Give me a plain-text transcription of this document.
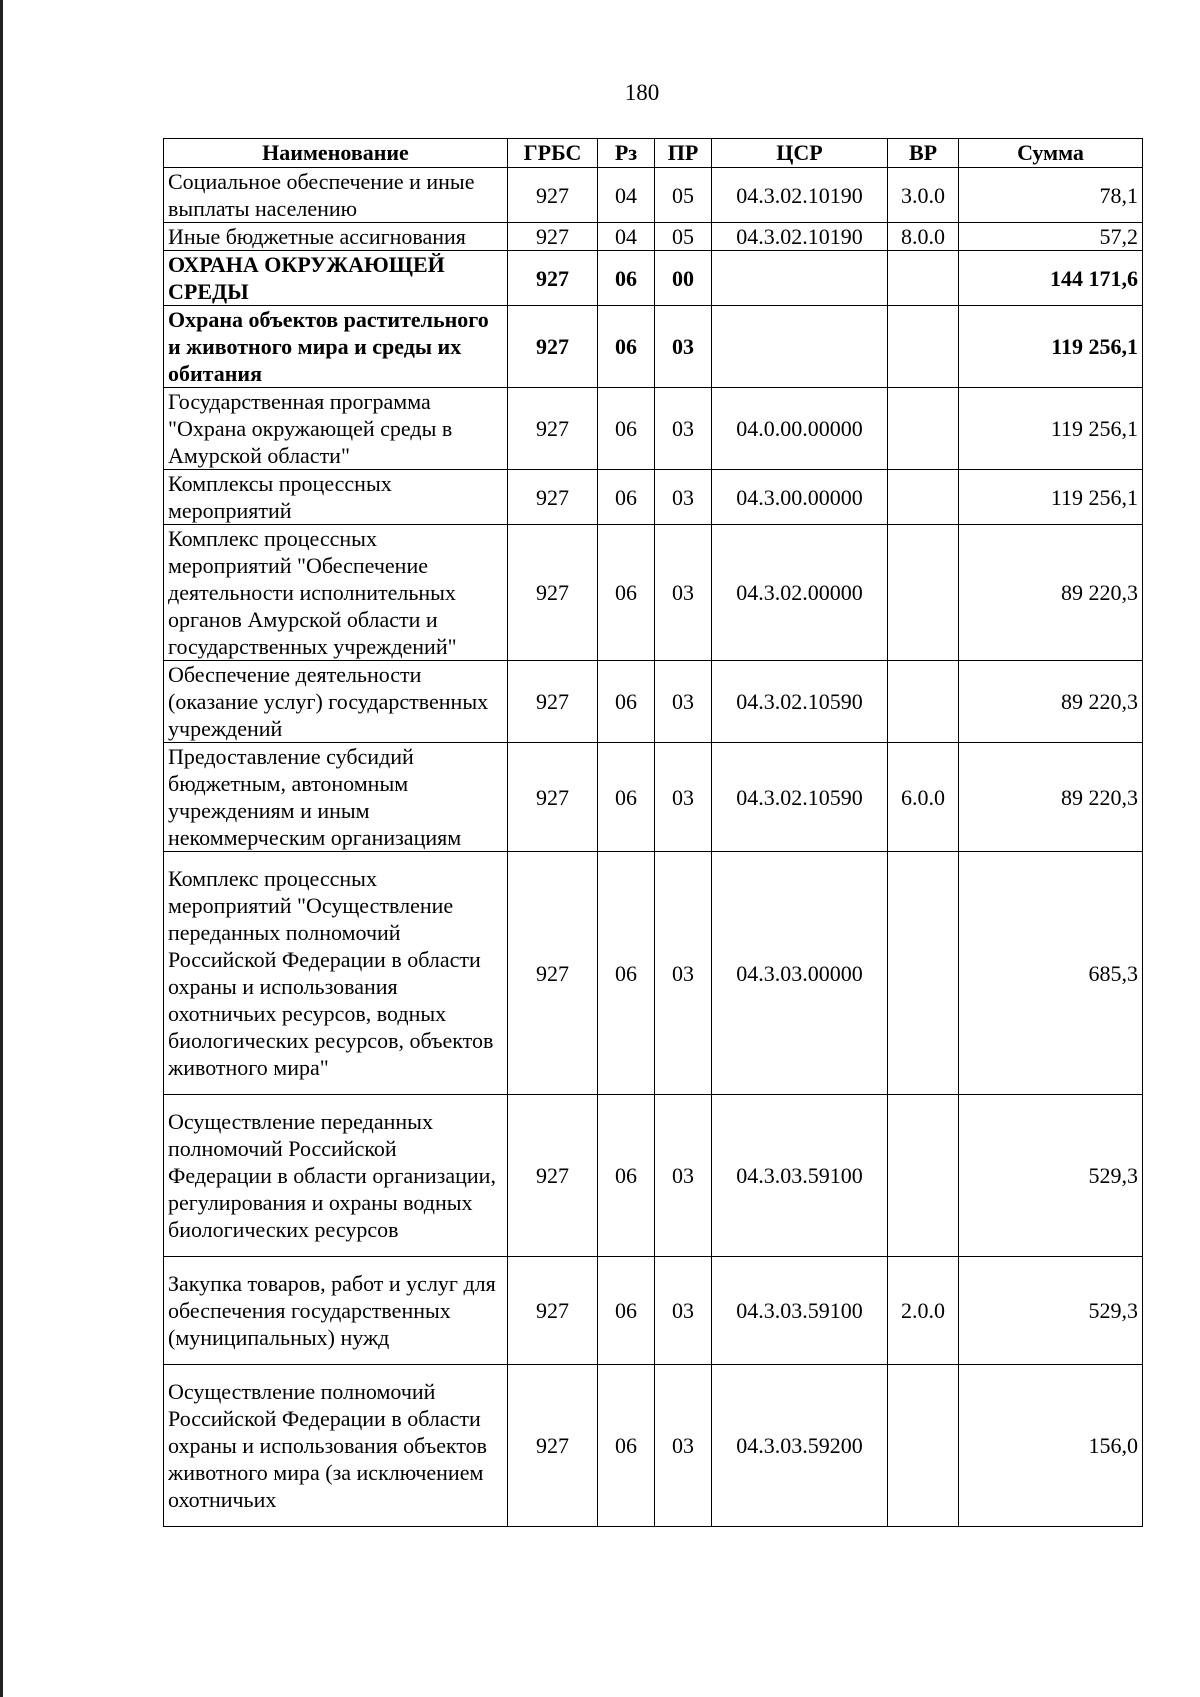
180
Наименование	ГРБС	Рз	ПР	ЦСР	ВР	Сумма
Социальное обеспечение и иные выплаты населению	927	04	05	04.3.02.10190	3.0.0	78,1
Иные бюджетные ассигнования	927	04	05	04.3.02.10190	8.0.0	57,2
ОХРАНА ОКРУЖАЮЩЕЙ СРЕДЫ	927	06	00			144 171,6
Охрана объектов растительного и животного мира и среды их обитания	927	06	03			119 256,1
Государственная программа "Охрана окружающей среды в Амурской области"	927	06	03	04.0.00.00000		119 256,1
Комплексы процессных мероприятий	927	06	03	04.3.00.00000		119 256,1
Комплекс процессных мероприятий "Обеспечение деятельности исполнительных органов Амурской области и государственных учреждений"	927	06	03	04.3.02.00000		89 220,3
Обеспечение деятельности (оказание услуг) государственных учреждений	927	06	03	04.3.02.10590		89 220,3
Предоставление субсидий бюджетным, автономным учреждениям и иным некоммерческим организациям	927	06	03	04.3.02.10590	6.0.0	89 220,3
Комплекс процессных мероприятий "Осуществление переданных полномочий Российской Федерации в области охраны и использования охотничьих ресурсов, водных биологических ресурсов, объектов животного мира"	927	06	03	04.3.03.00000		685,3
Осуществление переданных полномочий Российской Федерации в области организации, регулирования и охраны водных биологических ресурсов	927	06	03	04.3.03.59100		529,3
Закупка товаров, работ и услуг для обеспечения государственных (муниципальных) нужд	927	06	03	04.3.03.59100	2.0.0	529,3
Осуществление полномочий Российской Федерации в области охраны и использования объектов животного мира (за исключением охотничьих	927	06	03	04.3.03.59200		156,0
